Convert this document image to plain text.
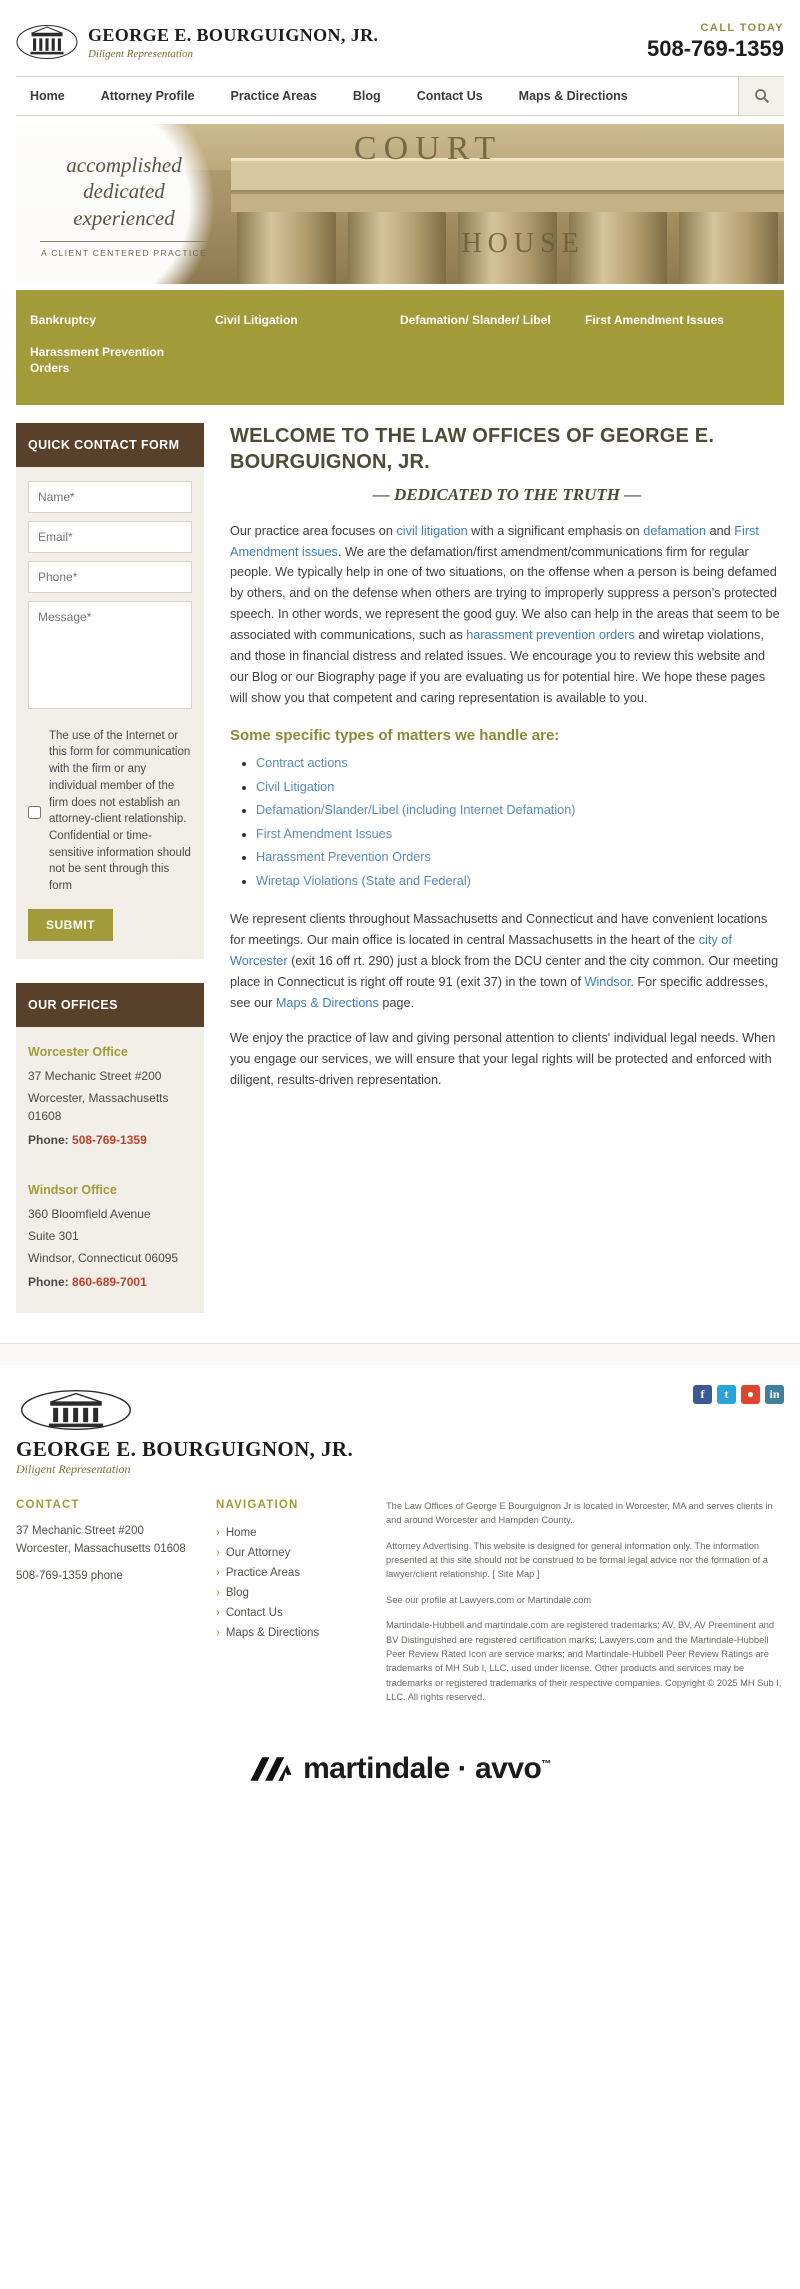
GEORGE E. BOURGUIGNON, JR.
Diligent Representation
CALL TODAY
508-769-1359
Home	Attorney Profile	Practice Areas	Blog	Contact Us	Maps & Directions
COURT
HOUSE
accomplished
dedicated
experienced
A CLIENT CENTERED PRACTICE
Bankruptcy	Civil Litigation	Defamation/ Slander/ Libel	First Amendment Issues
Harassment Prevention Orders
QUICK CONTACT FORM
Name* Email* Phone* Message*
The use of the Internet or this form for communication with the firm or any individual member of the firm does not establish an attorney-client relationship. Confidential or time-sensitive information should not be sent through this form
SUBMIT
OUR OFFICES
Worcester Office

37 Mechanic Street #200

Worcester, Massachusetts 01608

Phone: 508-769-1359
Windsor Office

360 Bloomfield Avenue

Suite 301

Windsor, Connecticut 06095

Phone: 860-689-7001
WELCOME TO THE LAW OFFICES OF GEORGE E. BOURGUIGNON, JR.
— DEDICATED TO THE TRUTH —

Our practice area focuses on civil litigation with a significant emphasis on defamation and First Amendment issues. We are the defamation/first amendment/communications firm for regular people. We typically help in one of two situations, on the offense when a person is being defamed by others, and on the defense when others are trying to improperly suppress a person's protected speech. In other words, we represent the good guy. We also can help in the areas that seem to be associated with communications, such as harassment prevention orders and wiretap violations, and those in financial distress and related issues. We encourage you to review this website and our Blog or our Biography page if you are evaluating us for potential hire. We hope these pages will show you that competent and caring representation is available to you.

Some specific types of matters we handle are:
• Contract actions
• Civil Litigation
• Defamation/Slander/Libel (including Internet Defamation)
• First Amendment Issues
• Harassment Prevention Orders
• Wiretap Violations (State and Federal)

We represent clients throughout Massachusetts and Connecticut and have convenient locations for meetings. Our main office is located in central Massachusetts in the heart of the city of Worcester (exit 16 off rt. 290) just a block from the DCU center and the city common. Our meeting place in Connecticut is right off route 91 (exit 37) in the town of Windsor. For specific addresses, see our Maps & Directions page.

We enjoy the practice of law and giving personal attention to clients' individual legal needs. When you engage our services, we will ensure that your legal rights will be protected and enforced with diligent, results-driven representation.

GEORGE E. BOURGUIGNON, JR.
Diligent Representation
f	t	●	in
CONTACT

37 Mechanic Street #200
Worcester, Massachusetts 01608

508-769-1359 phone
NAVIGATION
› Home
› Our Attorney
› Practice Areas
› Blog
› Contact Us
› Maps & Directions

The Law Offices of George E Bourguignon Jr is located in Worcester, MA and serves clients in and around Worcester and Hampden County.

Attorney Advertising. This website is designed for general information only. The information presented at this site should not be construed to be formal legal advice nor the formation of a lawyer/client relationship. [ Site Map ]

See our profile at Lawyers.com or Martindale.com

Martindale-Hubbell and martindale.com are registered trademarks; AV, BV, AV Preeminent and BV Distinguished are registered certification marks; Lawyers.com and the Martindale-Hubbell Peer Review Rated Icon are service marks; and Martindale-Hubbell Peer Review Ratings are trademarks of MH Sub I, LLC, used under license. Other products and services may be trademarks or registered trademarks of their respective companies. Copyright © 2025 MH Sub I, LLC. All rights reserved.

martindale · avvo™
